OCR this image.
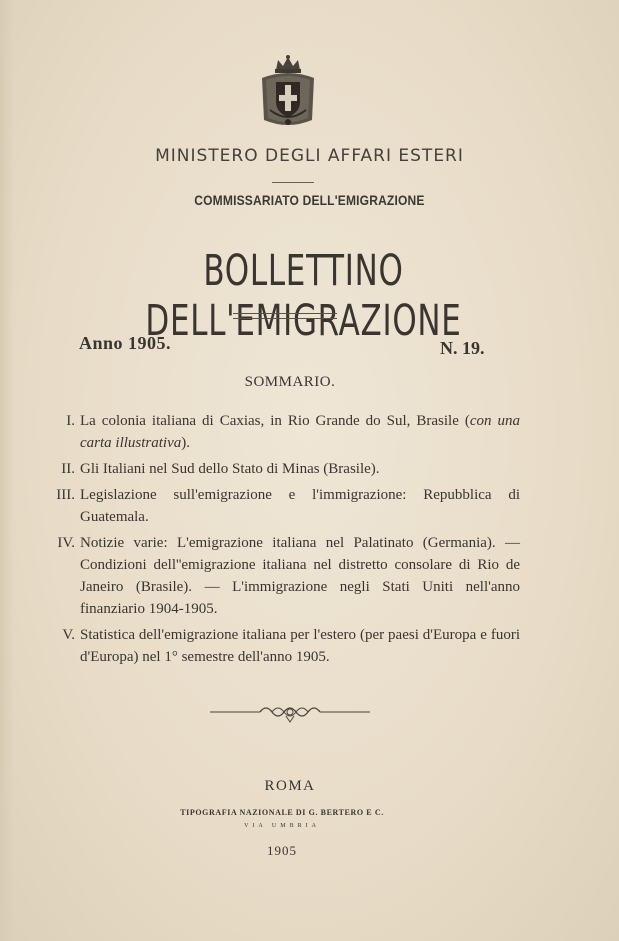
MINISTERO DEGLI AFFARI ESTERI
COMMISSARIATO DELL'EMIGRAZIONE
BOLLETTINO DELL'EMIGRAZIONE
Anno 1905.	N. 19.
SOMMARIO.
I. La colonia italiana di Caxias, in Rio Grande do Sul, Brasile (con una carta illustrativa).
II. Gli Italiani nel Sud dello Stato di Minas (Brasile).
III. Legislazione sull'emigrazione e l'immigrazione: Repubblica di Guatemala.
IV. Notizie varie: L'emigrazione italiana nel Palatinato (Germania). — Condizioni dell''emigrazione italiana nel distretto consolare di Rio de Janeiro (Brasile). — L'immigrazione negli Stati Uniti nell'anno finanziario 1904-1905.
V. Statistica dell'emigrazione italiana per l'estero (per paesi d'Europa e fuori d'Europa) nel 1° semestre dell'anno 1905.
ROMA
TIPOGRAFIA NAZIONALE DI G. BERTERO E C.
VIA UMBRIA
1905
